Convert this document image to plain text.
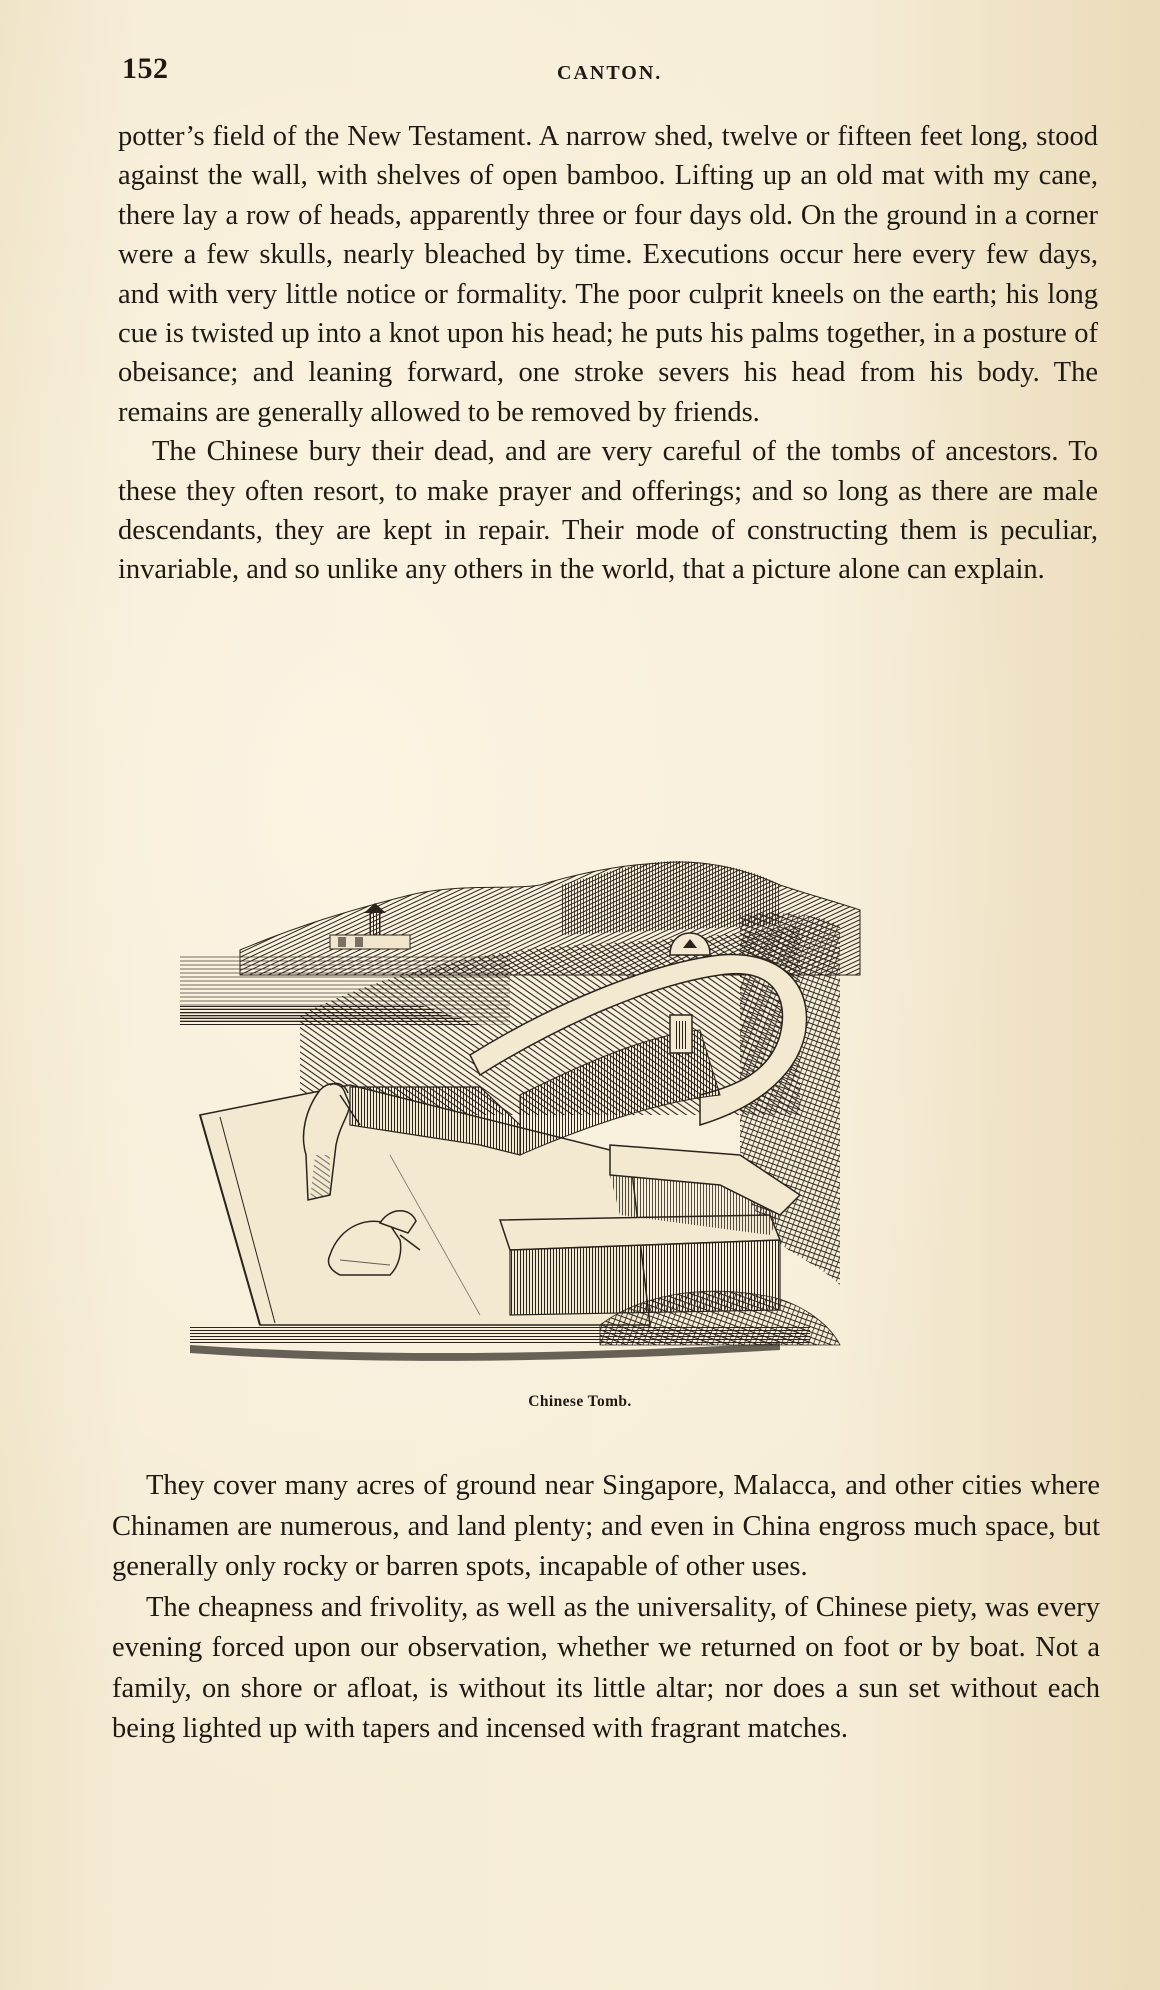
152	CANTON.

potter’s field of the New Testament. A narrow shed, twelve or fifteen feet long, stood against the wall, with shelves of open bamboo. Lifting up an old mat with my cane, there lay a row of heads, apparently three or four days old. On the ground in a corner were a few skulls, nearly bleached by time. Executions occur here every few days, and with very little notice or formality. The poor culprit kneels on the earth; his long cue is twisted up into a knot upon his head; he puts his palms together, in a posture of obeisance; and leaning forward, one stroke severs his head from his body. The remains are generally allowed to be removed by friends.

The Chinese bury their dead, and are very careful of the tombs of ancestors. To these they often resort, to make prayer and offerings; and so long as there are male descendants, they are kept in repair. Their mode of constructing them is peculiar, invariable, and so unlike any others in the world, that a picture alone can explain.

Chinese Tomb.

They cover many acres of ground near Singapore, Malacca, and other cities where Chinamen are numerous, and land plenty; and even in China engross much space, but generally only rocky or barren spots, incapable of other uses.

The cheapness and frivolity, as well as the universality, of Chinese piety, was every evening forced upon our observation, whether we returned on foot or by boat. Not a family, on shore or afloat, is without its little altar; nor does a sun set without each being lighted up with tapers and incensed with fragrant matches.
